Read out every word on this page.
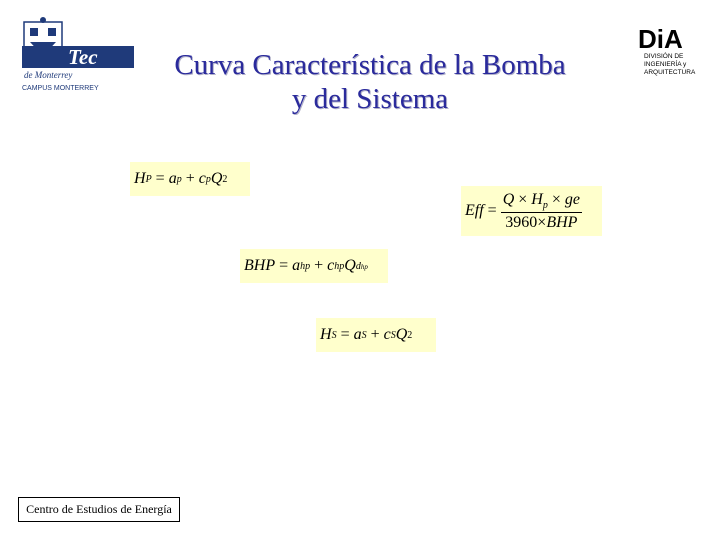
Tec
de Monterrey
CAMPUS MONTERREY
DiA
DIVISIÓN DE
INGENIERÍA y
ARQUITECTURA
Curva Característica de la Bomba
y del Sistema
H P = a p + c p Q 2
Eff = $\frac{Q \times H_p \times ge}{\text{3960×BHP}}$
BHP = a hp + c hp Q dhp
H S = a S + c S Q 2
Centro de Estudios de Energía
